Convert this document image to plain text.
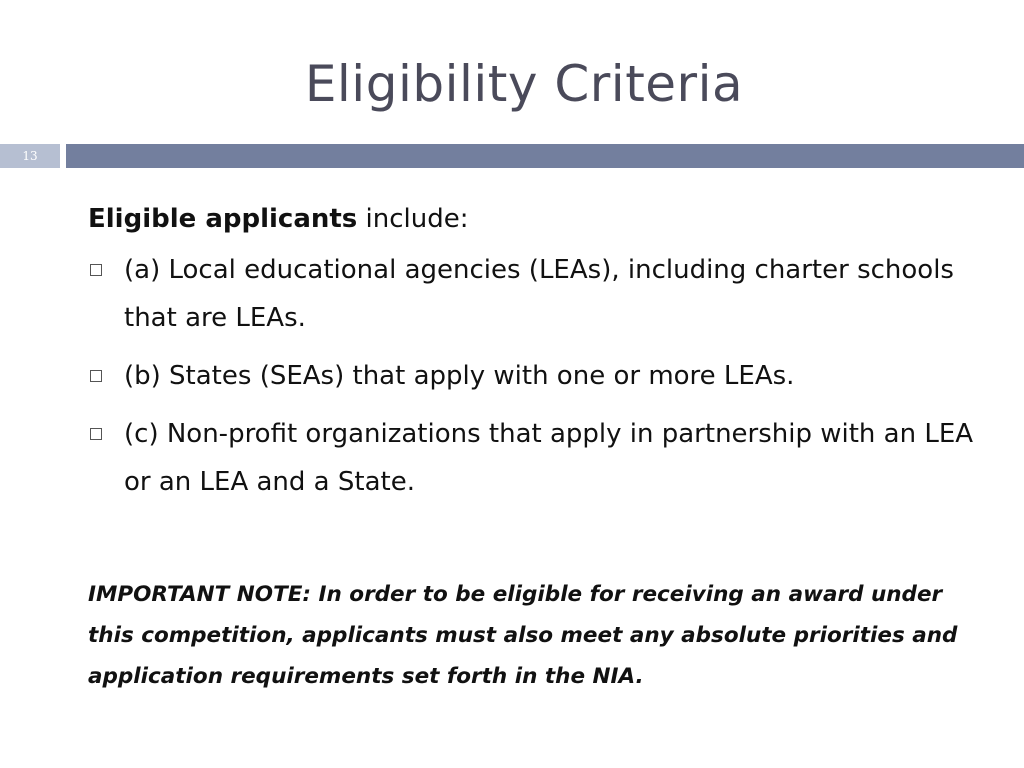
Eligibility Criteria
13

Eligible applicants include:

(a) Local educational agencies (LEAs), including charter schools that are LEAs.
(b) States (SEAs) that apply with one or more LEAs.
(c) Non-profit organizations that apply in partnership with an LEA or an LEA and a State.
IMPORTANT NOTE: In order to be eligible for receiving an award under this competition, applicants must also meet any absolute priorities and application requirements set forth in the NIA.
